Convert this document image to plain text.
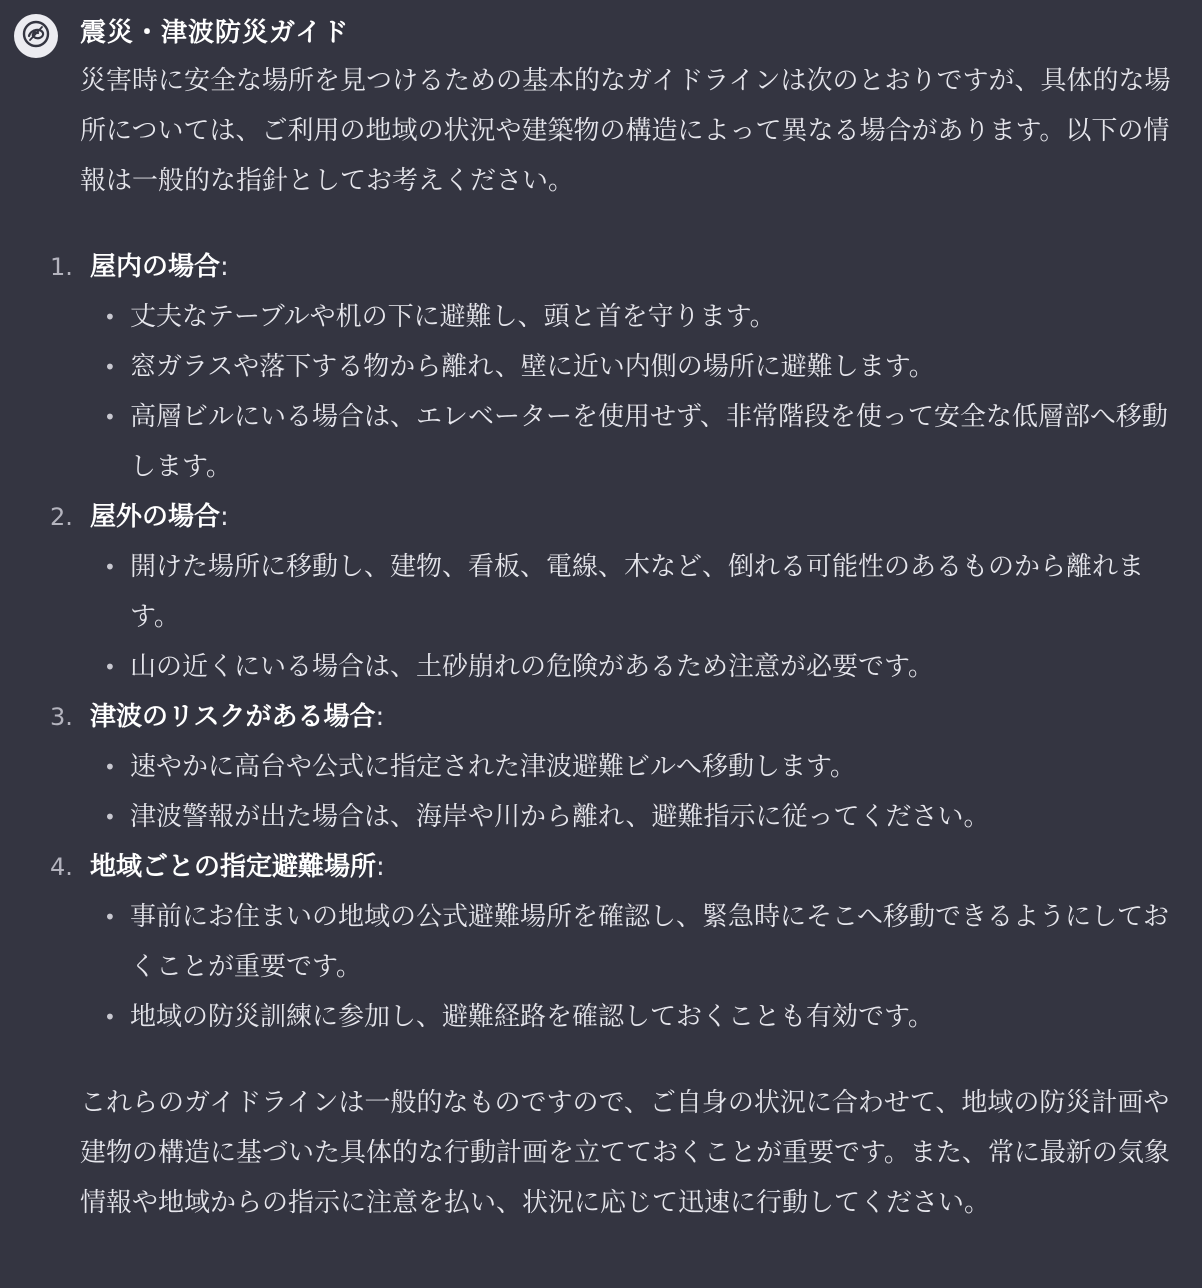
震災・津波防災ガイド

災害時に安全な場所を見つけるための基本的なガイドラインは次のとおりですが、具体的な場所については、ご利用の地域の状況や建築物の構造によって異なる場合があります。以下の情報は一般的な指針としてお考えください。

1. 屋内の場合:
• 丈夫なテーブルや机の下に避難し、頭と首を守ります。
• 窓ガラスや落下する物から離れ、壁に近い内側の場所に避難します。
• 高層ビルにいる場合は、エレベーターを使用せず、非常階段を使って安全な低層部へ移動します。
2. 屋外の場合:
• 開けた場所に移動し、建物、看板、電線、木など、倒れる可能性のあるものから離れます。
• 山の近くにいる場合は、土砂崩れの危険があるため注意が必要です。
3. 津波のリスクがある場合:
• 速やかに高台や公式に指定された津波避難ビルへ移動します。
• 津波警報が出た場合は、海岸や川から離れ、避難指示に従ってください。
4. 地域ごとの指定避難場所:
• 事前にお住まいの地域の公式避難場所を確認し、緊急時にそこへ移動できるようにしておくことが重要です。
• 地域の防災訓練に参加し、避難経路を確認しておくことも有効です。

これらのガイドラインは一般的なものですので、ご自身の状況に合わせて、地域の防災計画や建物の構造に基づいた具体的な行動計画を立てておくことが重要です。また、常に最新の気象情報や地域からの指示に注意を払い、状況に応じて迅速に行動してください。
